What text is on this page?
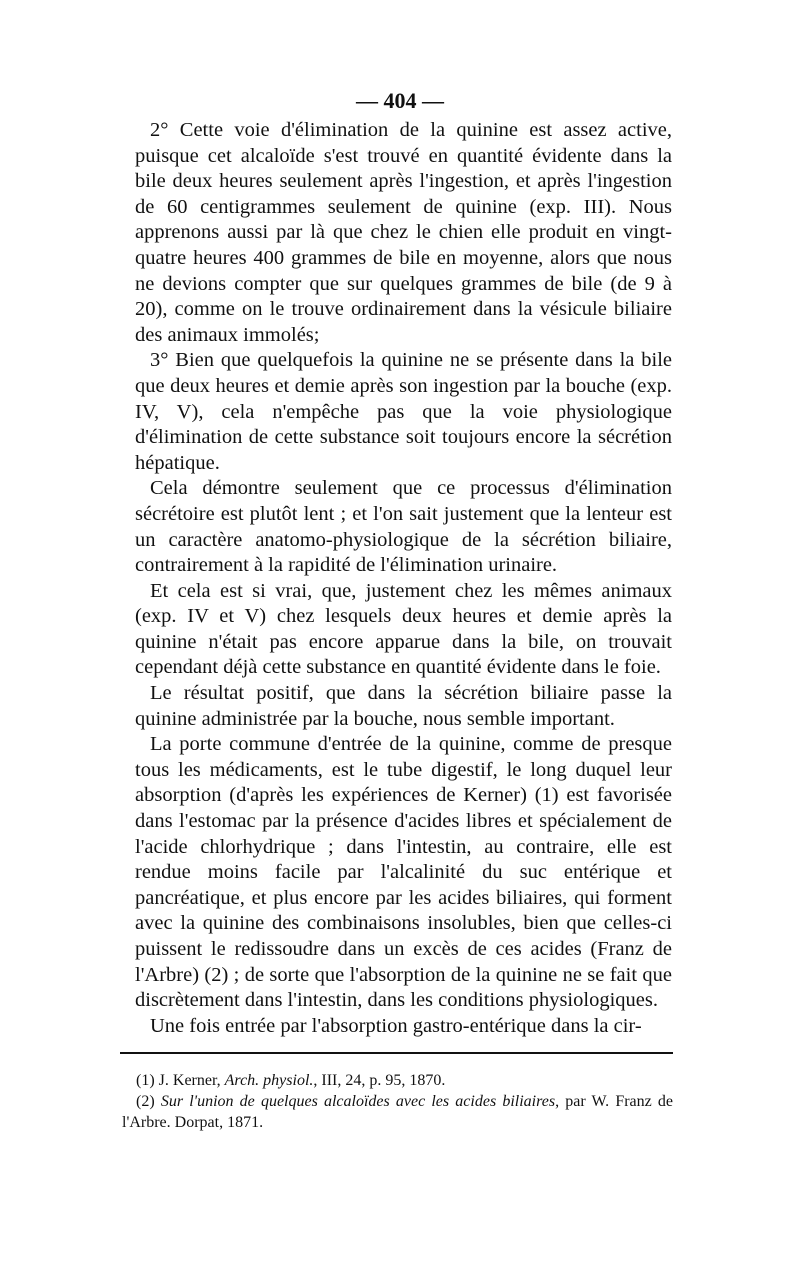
— 404 —

2° Cette voie d'élimination de la quinine est assez active, puisque cet alcaloïde s'est trouvé en quantité évidente dans la bile deux heures seulement après l'ingestion, et après l'ingestion de 60 centigrammes seulement de quinine (exp. III). Nous apprenons aussi par là que chez le chien elle produit en vingt-quatre heures 400 grammes de bile en moyenne, alors que nous ne devions compter que sur quelques grammes de bile (de 9 à 20), comme on le trouve ordinairement dans la vésicule biliaire des animaux immolés;

3° Bien que quelquefois la quinine ne se présente dans la bile que deux heures et demie après son ingestion par la bouche (exp. IV, V), cela n'empêche pas que la voie physiologique d'élimination de cette substance soit toujours encore la sécrétion hépatique.

Cela démontre seulement que ce processus d'élimination sécrétoire est plutôt lent ; et l'on sait justement que la lenteur est un caractère anatomo-physiologique de la sécrétion biliaire, contrairement à la rapidité de l'élimination urinaire.

Et cela est si vrai, que, justement chez les mêmes animaux (exp. IV et V) chez lesquels deux heures et demie après la quinine n'était pas encore apparue dans la bile, on trouvait cependant déjà cette substance en quantité évidente dans le foie.

Le résultat positif, que dans la sécrétion biliaire passe la quinine administrée par la bouche, nous semble important.

La porte commune d'entrée de la quinine, comme de presque tous les médicaments, est le tube digestif, le long duquel leur absorption (d'après les expériences de Kerner) (1) est favorisée dans l'estomac par la présence d'acides libres et spécialement de l'acide chlorhydrique ; dans l'intestin, au contraire, elle est rendue moins facile par l'alcalinité du suc entérique et pancréatique, et plus encore par les acides biliaires, qui forment avec la quinine des combinaisons insolubles, bien que celles-ci puissent le redissoudre dans un excès de ces acides (Franz de l'Arbre) (2) ; de sorte que l'absorption de la quinine ne se fait que discrètement dans l'intestin, dans les conditions physiologiques.

Une fois entrée par l'absorption gastro-entérique dans la cir-

(1) J. Kerner, Arch. physiol., III, 24, p. 95, 1870.

(2) Sur l'union de quelques alcaloïdes avec les acides biliaires, par W. Franz de l'Arbre. Dorpat, 1871.
